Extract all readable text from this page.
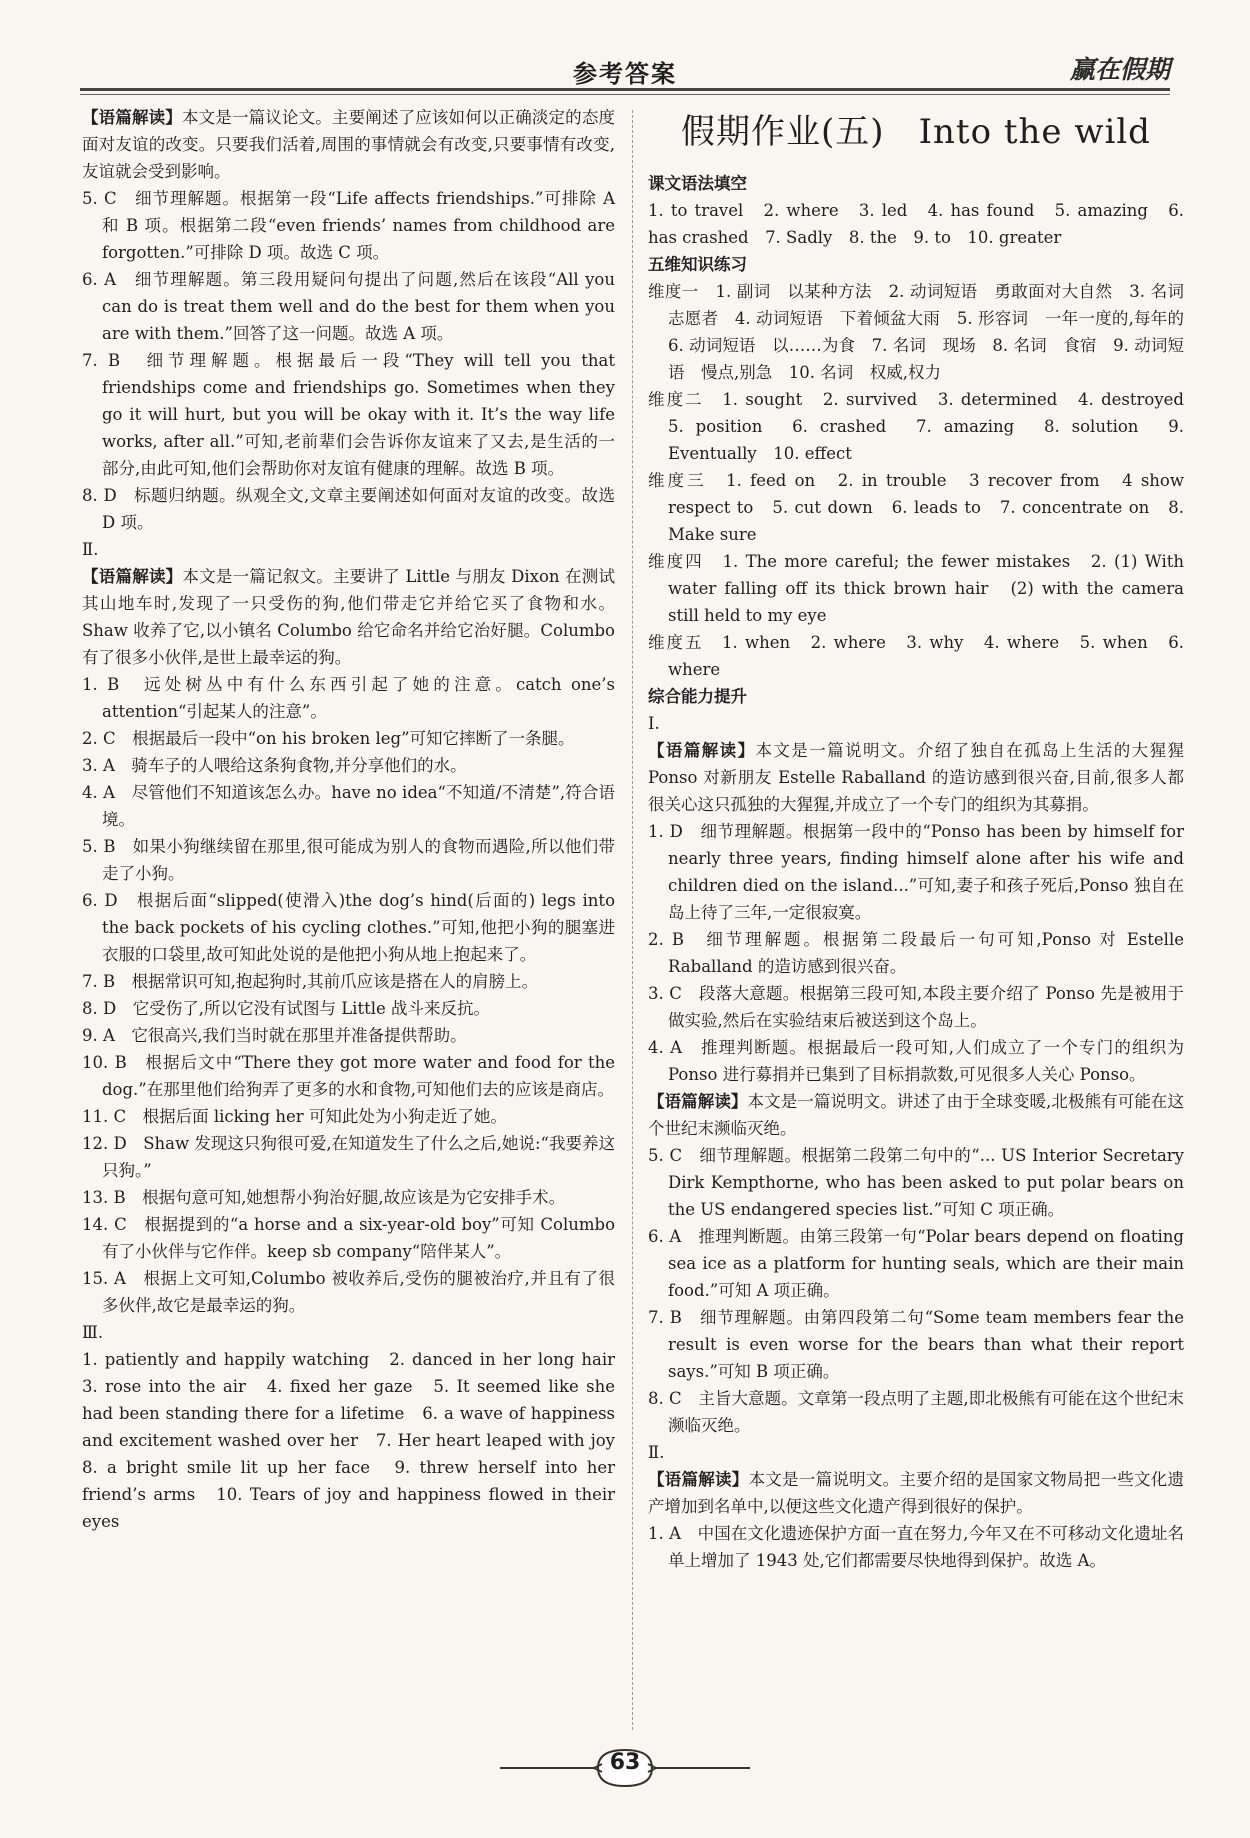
参考答案	赢在假期

【语篇解读】本文是一篇议论文。主要阐述了应该如何以正确淡定的态度面对友谊的改变。只要我们活着,周围的事情就会有改变,只要事情有改变,友谊就会受到影响。

5. C　细节理解题。根据第一段“Life affects friendships.”可排除 A 和 B 项。根据第二段“even friends’ names from childhood are forgotten.”可排除 D 项。故选 C 项。

6. A　细节理解题。第三段用疑问句提出了问题,然后在该段“All you can do is treat them well and do the best for them when you are with them.”回答了这一问题。故选 A 项。

7. B　细节理解题。根据最后一段“They will tell you that friendships come and friendships go. Sometimes when they go it will hurt, but you will be okay with it. It’s the way life works, after all.”可知,老前辈们会告诉你友谊来了又去,是生活的一部分,由此可知,他们会帮助你对友谊有健康的理解。故选 B 项。

8. D　标题归纳题。纵观全文,文章主要阐述如何面对友谊的改变。故选 D 项。

Ⅱ.

【语篇解读】本文是一篇记叙文。主要讲了 Little 与朋友 Dixon 在测试其山地车时,发现了一只受伤的狗,他们带走它并给它买了食物和水。Shaw 收养了它,以小镇名 Columbo 给它命名并给它治好腿。Columbo 有了很多小伙伴,是世上最幸运的狗。

1. B　远处树丛中有什么东西引起了她的注意。catch one’s attention“引起某人的注意”。

2. C　根据最后一段中“on his broken leg”可知它摔断了一条腿。

3. A　骑车子的人喂给这条狗食物,并分享他们的水。

4. A　尽管他们不知道该怎么办。have no idea“不知道/不清楚”,符合语境。

5. B　如果小狗继续留在那里,很可能成为别人的食物而遇险,所以他们带走了小狗。

6. D　根据后面“slipped(使滑入)the dog’s hind(后面的) legs into the back pockets of his cycling clothes.”可知,他把小狗的腿塞进衣服的口袋里,故可知此处说的是他把小狗从地上抱起来了。

7. B　根据常识可知,抱起狗时,其前爪应该是搭在人的肩膀上。

8. D　它受伤了,所以它没有试图与 Little 战斗来反抗。

9. A　它很高兴,我们当时就在那里并准备提供帮助。

10. B　根据后文中“There they got more water and food for the dog.”在那里他们给狗弄了更多的水和食物,可知他们去的应该是商店。

11. C　根据后面 licking her 可知此处为小狗走近了她。

12. D　Shaw 发现这只狗很可爱,在知道发生了什么之后,她说:“我要养这只狗。”

13. B　根据句意可知,她想帮小狗治好腿,故应该是为它安排手术。

14. C　根据提到的“a horse and a six-year-old boy”可知 Columbo 有了小伙伴与它作伴。keep sb company“陪伴某人”。

15. A　根据上文可知,Columbo 被收养后,受伤的腿被治疗,并且有了很多伙伴,故它是最幸运的狗。

Ⅲ.

1. patiently and happily watching　2. danced in her long hair　3. rose into the air　4. fixed her gaze　5. It seemed like she had been standing there for a lifetime　6. a wave of happiness and excitement washed over her　7. Her heart leaped with joy　8. a bright smile lit up her face　9. threw herself into her friend’s arms　10. Tears of joy and happiness flowed in their eyes

假期作业(五) Into the wild

课文语法填空

1. to travel　2. where　3. led　4. has found　5. amazing　6. has crashed　7. Sadly　8. the　9. to　10. greater

五维知识练习

维度一　1. 副词　以某种方法　2. 动词短语　勇敢面对大自然　3. 名词　志愿者　4. 动词短语　下着倾盆大雨　5. 形容词　一年一度的,每年的　6. 动词短语　以……为食　7. 名词　现场　8. 名词　食宿　9. 动词短语　慢点,别急　10. 名词　权威,权力

维度二　1. sought　2. survived　3. determined　4. destroyed　5. position　6. crashed　7. amazing　8. solution　9. Eventually　10. effect

维度三　1. feed on　2. in trouble　3 recover from　4 show respect to　5. cut down　6. leads to　7. concentrate on　8. Make sure

维度四　1. The more careful; the fewer mistakes　2. (1) With water falling off its thick brown hair　(2) with the camera still held to my eye

维度五　1. when　2. where　3. why　4. where　5. when　6. where

综合能力提升

Ⅰ.

【语篇解读】本文是一篇说明文。介绍了独自在孤岛上生活的大猩猩 Ponso 对新朋友 Estelle Raballand 的造访感到很兴奋,目前,很多人都很关心这只孤独的大猩猩,并成立了一个专门的组织为其募捐。

1. D　细节理解题。根据第一段中的“Ponso has been by himself for nearly three years, finding himself alone after his wife and children died on the island...”可知,妻子和孩子死后,Ponso 独自在岛上待了三年,一定很寂寞。

2. B　细节理解题。根据第二段最后一句可知,Ponso 对 Estelle Raballand 的造访感到很兴奋。

3. C　段落大意题。根据第三段可知,本段主要介绍了 Ponso 先是被用于做实验,然后在实验结束后被送到这个岛上。

4. A　推理判断题。根据最后一段可知,人们成立了一个专门的组织为 Ponso 进行募捐并已集到了目标捐款数,可见很多人关心 Ponso。

【语篇解读】本文是一篇说明文。讲述了由于全球变暖,北极熊有可能在这个世纪末濒临灭绝。

5. C　细节理解题。根据第二段第二句中的“... US Interior Secretary Dirk Kempthorne, who has been asked to put polar bears on the US endangered species list.”可知 C 项正确。

6. A　推理判断题。由第三段第一句“Polar bears depend on floating sea ice as a platform for hunting seals, which are their main food.”可知 A 项正确。

7. B　细节理解题。由第四段第二句“Some team members fear the result is even worse for the bears than what their report says.”可知 B 项正确。

8. C　主旨大意题。文章第一段点明了主题,即北极熊有可能在这个世纪末濒临灭绝。

Ⅱ.

【语篇解读】本文是一篇说明文。主要介绍的是国家文物局把一些文化遗产增加到名单中,以便这些文化遗产得到很好的保护。

1. A　中国在文化遗迹保护方面一直在努力,今年又在不可移动文化遗址名单上增加了 1943 处,它们都需要尽快地得到保护。故选 A。

63
